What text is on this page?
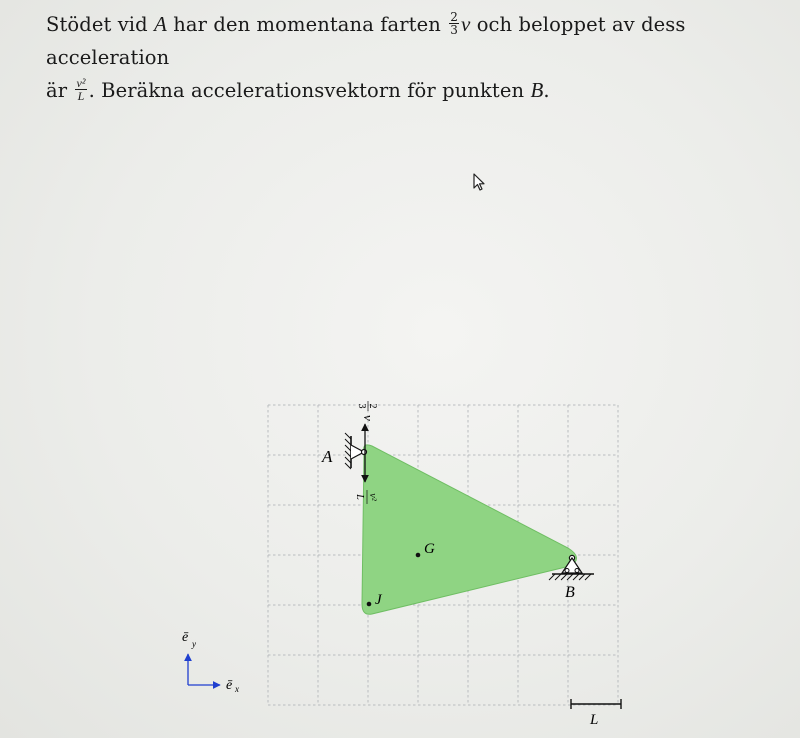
Stödet vid A har den momentana farten $\frac{2}{3}$ v och beloppet av dess acceleration
är $\frac{\text{v²}}{L}$ . Beräkna accelerationsvektorn för punkten B.
2
3
v
v²
L
A
B
G
J
ē y
ē x
L
